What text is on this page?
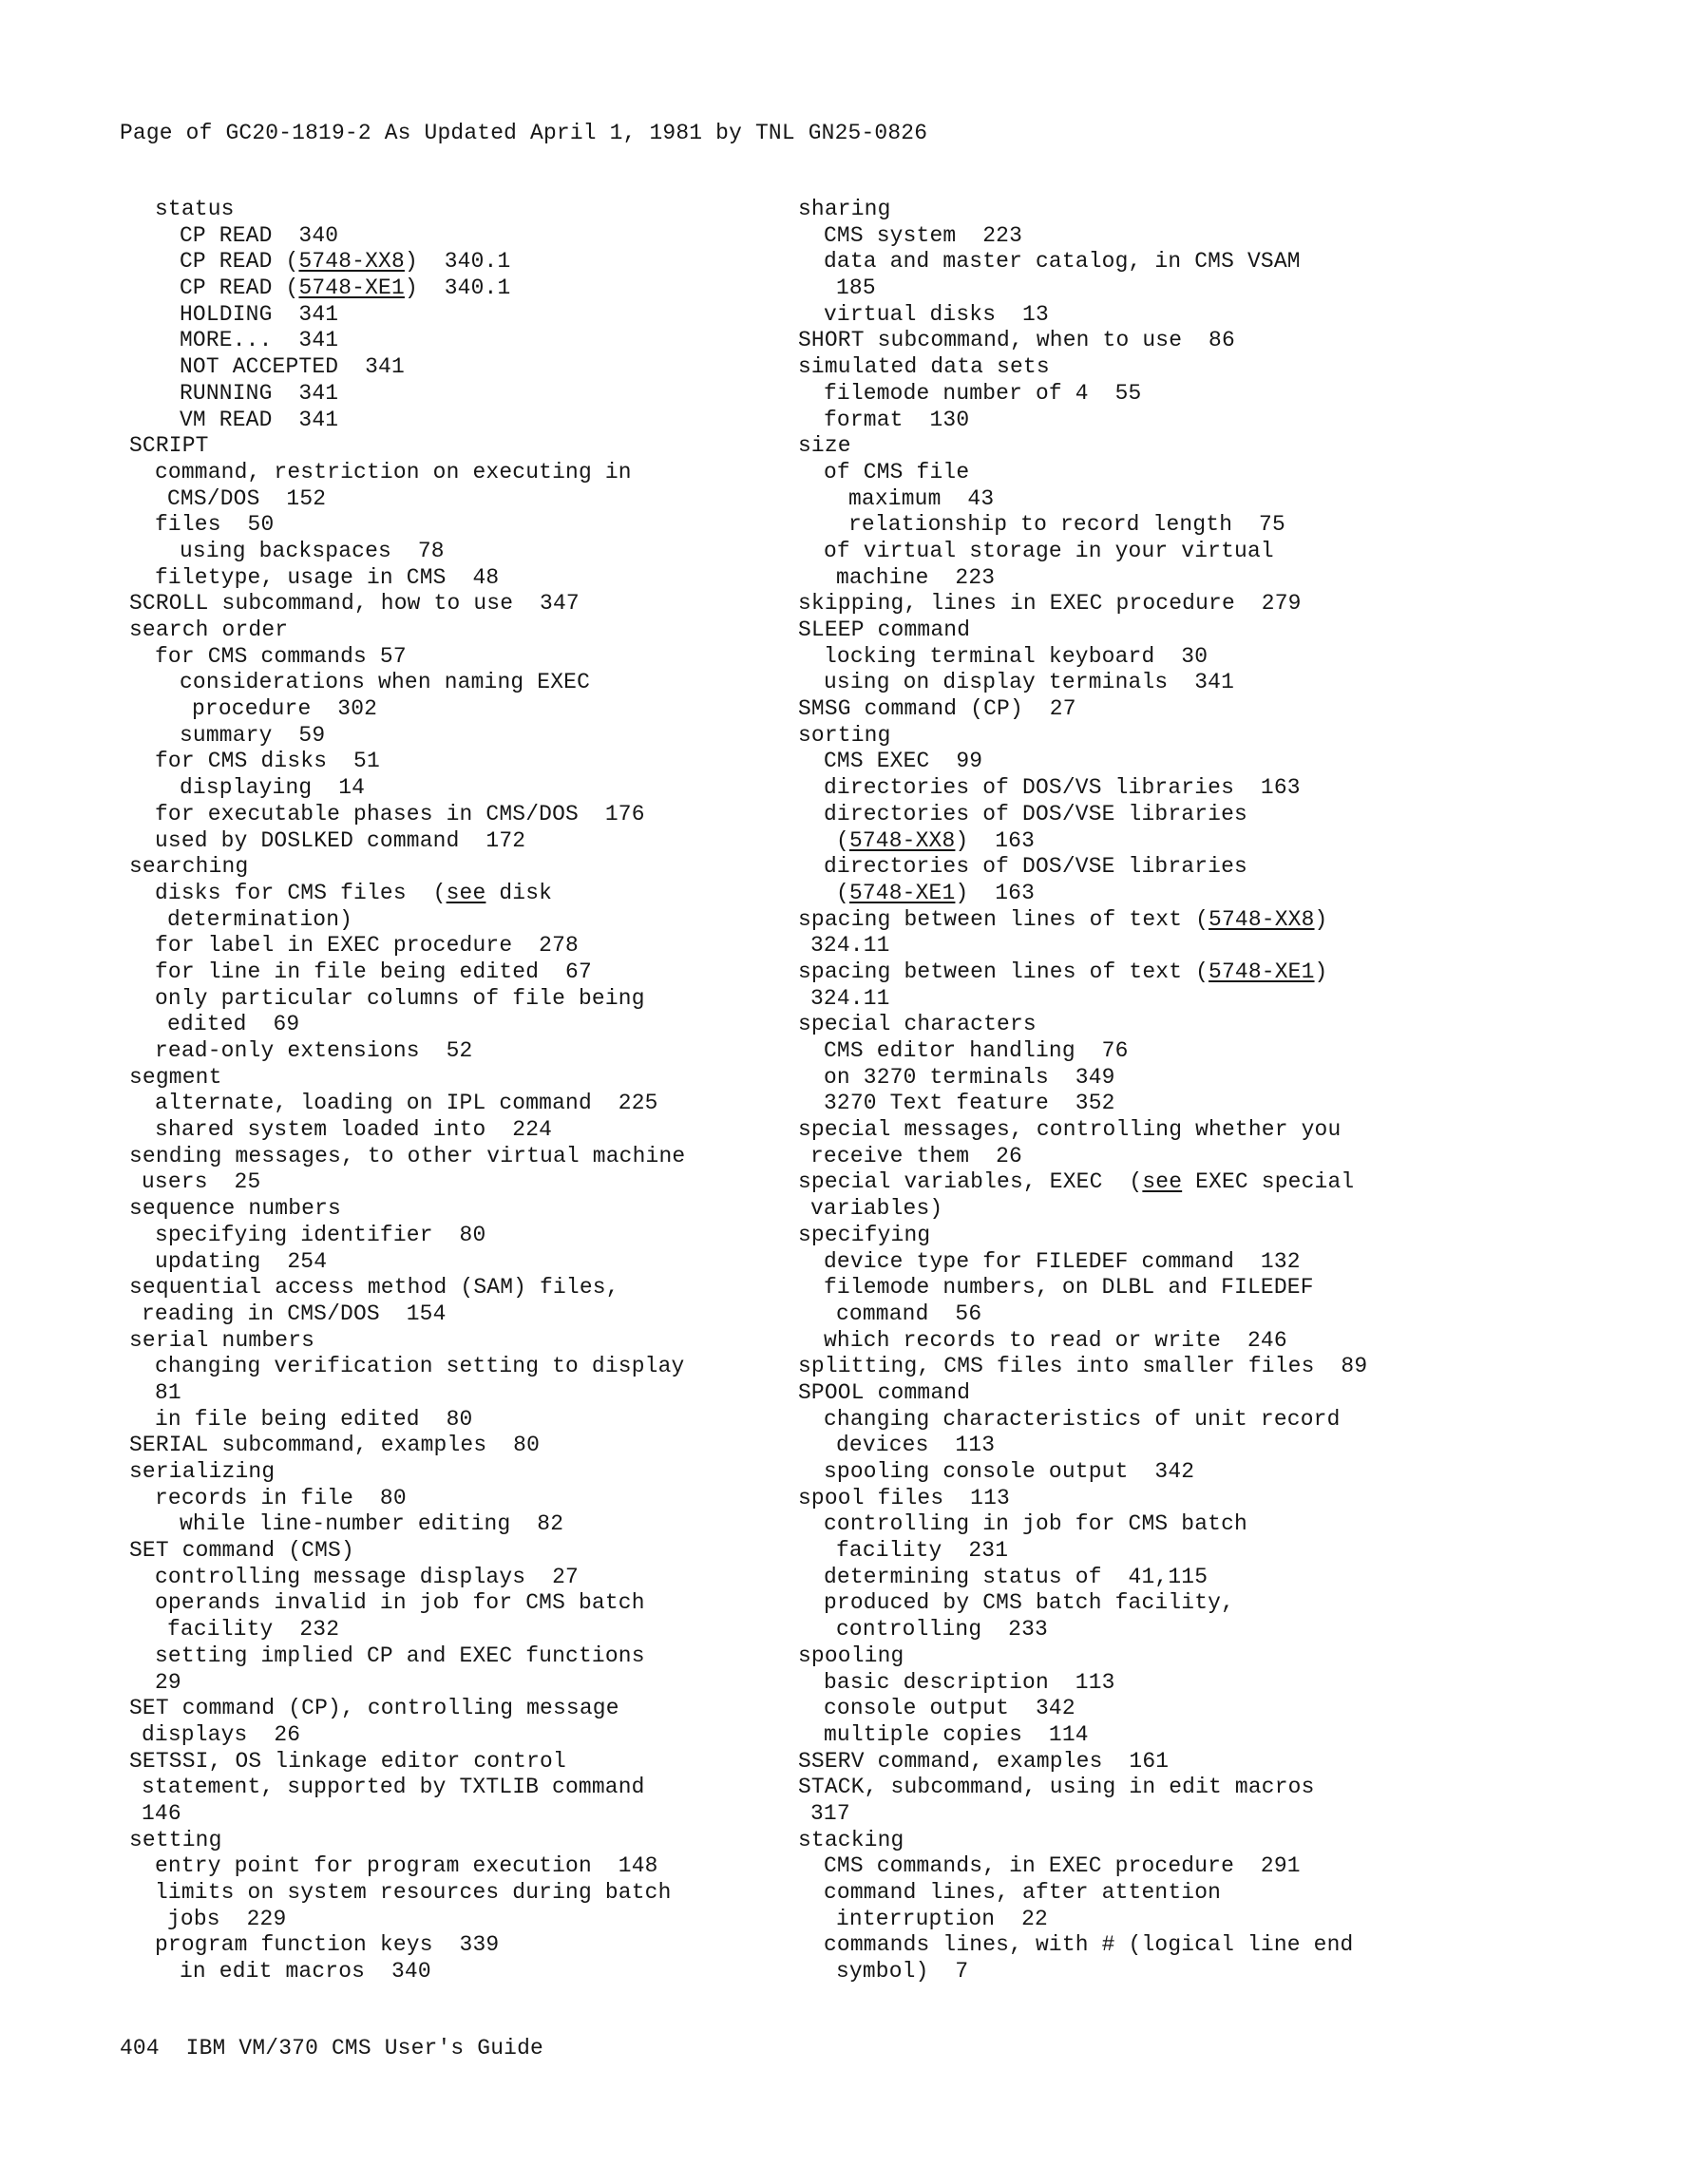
Page of GC20-1819-2 As Updated April 1, 1981 by TNL GN25-0826
status
CP READ  340
CP READ (5748-XX8)  340.1
CP READ (5748-XE1)  340.1
HOLDING  341
MORE...  341
NOT ACCEPTED  341
RUNNING  341
VM READ  341
SCRIPT
command, restriction on executing in
CMS/DOS  152
files  50
using backspaces  78
filetype, usage in CMS  48
SCROLL subcommand, how to use  347
search order
for CMS commands 57
considerations when naming EXEC
procedure  302
summary  59
for CMS disks  51
displaying  14
for executable phases in CMS/DOS  176
used by DOSLKED command  172
searching
disks for CMS files  (see disk
determination)
for label in EXEC procedure  278
for line in file being edited  67
only particular columns of file being
edited  69
read-only extensions  52
segment
alternate, loading on IPL command  225
shared system loaded into  224
sending messages, to other virtual machine
users  25
sequence numbers
specifying identifier  80
updating  254
sequential access method (SAM) files,
reading in CMS/DOS  154
serial numbers
changing verification setting to display
81
in file being edited  80
SERIAL subcommand, examples  80
serializing
records in file  80
while line-number editing  82
SET command (CMS)
controlling message displays  27
operands invalid in job for CMS batch
facility  232
setting implied CP and EXEC functions
29
SET command (CP), controlling message
displays  26
SETSSI, OS linkage editor control
statement, supported by TXTLIB command
146
setting
entry point for program execution  148
limits on system resources during batch
jobs  229
program function keys  339
in edit macros  340
sharing
CMS system  223
data and master catalog, in CMS VSAM
185
virtual disks  13
SHORT subcommand, when to use  86
simulated data sets
filemode number of 4  55
format  130
size
of CMS file
maximum  43
relationship to record length  75
of virtual storage in your virtual
machine  223
skipping, lines in EXEC procedure  279
SLEEP command
locking terminal keyboard  30
using on display terminals  341
SMSG command (CP)  27
sorting
CMS EXEC  99
directories of DOS/VS libraries  163
directories of DOS/VSE libraries
(5748-XX8)  163
directories of DOS/VSE libraries
(5748-XE1)  163
spacing between lines of text (5748-XX8)
324.11
spacing between lines of text (5748-XE1)
324.11
special characters
CMS editor handling  76
on 3270 terminals  349
3270 Text feature  352
special messages, controlling whether you
receive them  26
special variables, EXEC  (see EXEC special
variables)
specifying
device type for FILEDEF command  132
filemode numbers, on DLBL and FILEDEF
command  56
which records to read or write  246
splitting, CMS files into smaller files  89
SPOOL command
changing characteristics of unit record
devices  113
spooling console output  342
spool files  113
controlling in job for CMS batch
facility  231
determining status of  41,115
produced by CMS batch facility,
controlling  233
spooling
basic description  113
console output  342
multiple copies  114
SSERV command, examples  161
STACK, subcommand, using in edit macros
317
stacking
CMS commands, in EXEC procedure  291
command lines, after attention
interruption  22
commands lines, with # (logical line end
symbol)  7
404  IBM VM/370 CMS User's Guide
